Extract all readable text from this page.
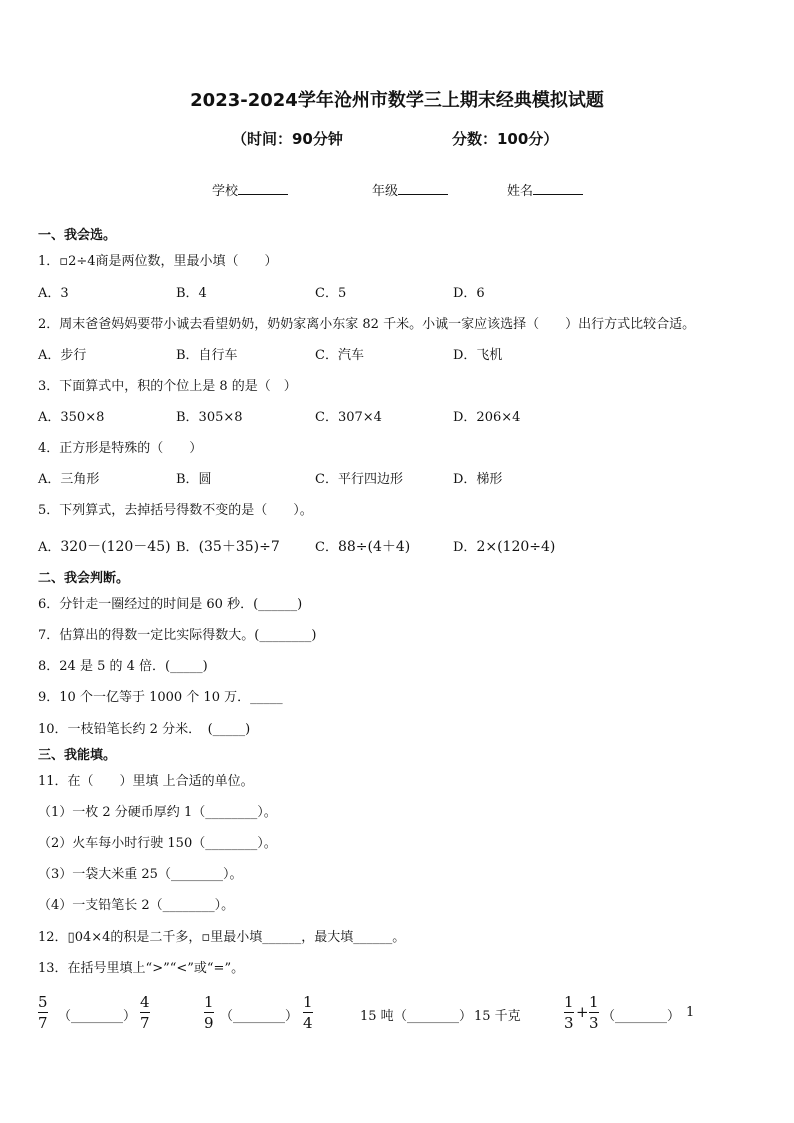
2023-2024学年沧州市数学三上期末经典模拟试题
（时间：90分钟	分数：100分）
学校	年级	姓名
一、我会选。
1．▫2÷4商是两位数，里最小填（　　）
A．3	B．4	C．5	D．6
2．周末爸爸妈妈要带小诚去看望奶奶，奶奶家离小东家 82 千米。小诚一家应该选择（　　）出行方式比较合适。
A．步行	B．自行车	C．汽车	D．飞机
3．下面算式中，积的个位上是 8 的是（　）
A．350×8	B．305×8	C．307×4	D．206×4
4．正方形是特殊的（　　）
A．三角形	B．圆	C．平行四边形	D．梯形
5．下列算式，去掉括号得数不变的是（　　）。
A．320－(120－45) B．(35＋35)÷7	C．88÷(4＋4)	D．2×(120÷4)
二、我会判断。
6．分针走一圈经过的时间是 60 秒．(______)
7．估算出的得数一定比实际得数大。(________)
8．24 是 5 的 4 倍．(_____)
9．10 个一亿等于 1000 个 10 万．_____
10．一枝铅笔长约 2 分米．　(_____)
三、我能填。
11．在（　　）里填 上合适的单位。
（1）一枚 2 分硬币厚约 1（________）。
（2）火车每小时行驶 150（________）。
（3）一袋大米重 25（________）。
（4）一支铅笔长 2（________）。
12．▯04×4的积是二千多，▫里最小填______，最大填______。
13．在括号里填上“>”“<”或“=”。
5
7 （________）
4
7
1
9 （________）
1
4	15 吨 （________） 15 千克
1
3
+
1
3 （________） 1
